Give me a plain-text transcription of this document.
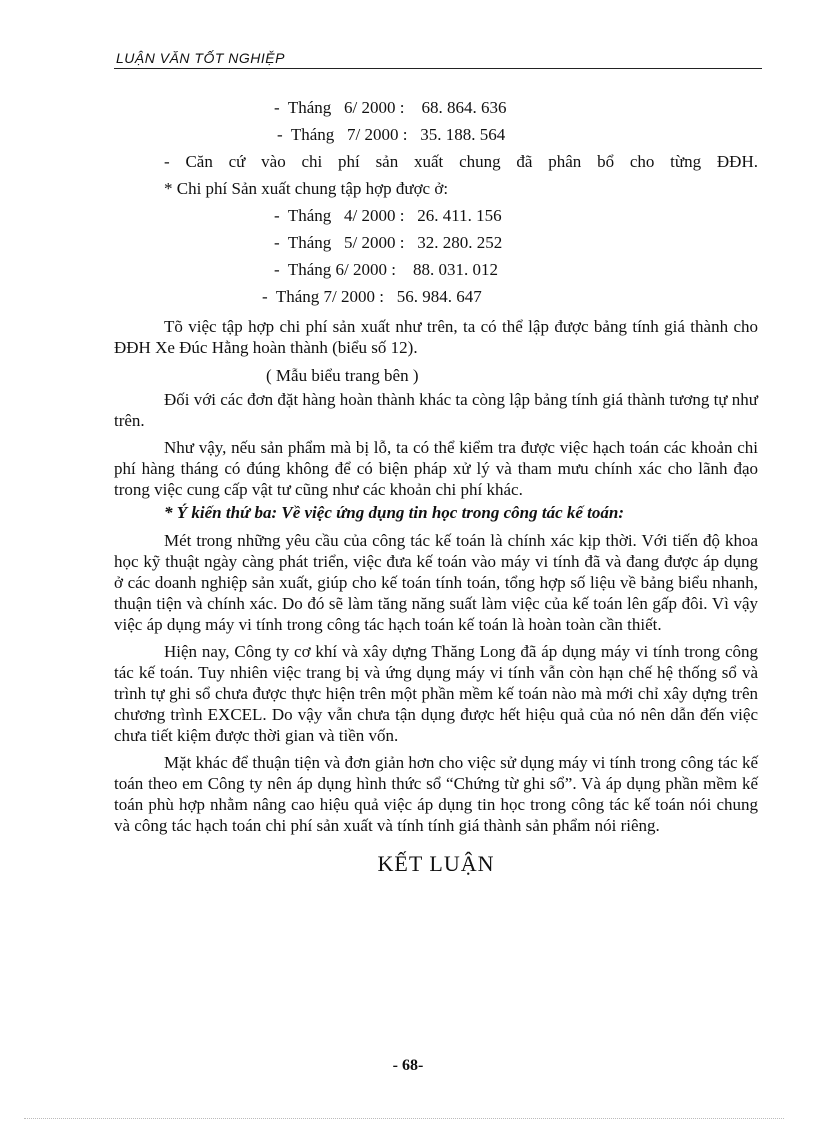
LUẬN VĂN TỐT NGHIỆP
-  Tháng   6/ 2000 :    68. 864. 636
-  Tháng   7/ 2000 :   35. 188. 564
- Căn cứ vào chi phí sản xuất chung đã phân bổ cho từng ĐĐH.
* Chi phí Sản xuất chung tập hợp được ở:
-  Tháng   4/ 2000 :   26. 411. 156
-  Tháng   5/ 2000 :   32. 280. 252
-  Tháng 6/ 2000 :    88. 031. 012
-  Tháng 7/ 2000 :   56. 984. 647

Tõ việc tập hợp chi phí sản xuất như trên, ta có thể lập được bảng tính giá thành cho ĐĐH Xe Đúc Hằng hoàn thành (biểu số 12).

( Mẫu biểu trang bên )

Đối với các đơn đặt hàng hoàn thành khác ta còng lập bảng tính giá thành tương tự như trên.

Như vậy, nếu sản phẩm mà bị lỗ, ta có thể kiểm tra được việc hạch toán các khoản chi phí hàng tháng có đúng không để có biện pháp xử lý và tham mưu chính xác cho lãnh đạo trong việc cung cấp vật tư cũng như các khoản chi phí khác.

* Ý kiến thứ ba: Về việc ứng dụng tin học trong công tác kế toán:

Mét trong những yêu cầu của công tác kế toán là chính xác kịp thời. Với tiến độ khoa học kỹ thuật ngày càng phát triển, việc đưa kế toán vào máy vi tính đã và đang được áp dụng ở các doanh nghiệp sản xuất, giúp cho kế toán tính toán, tổng hợp số liệu về bảng biểu nhanh, thuận tiện và chính xác. Do đó sẽ làm tăng năng suất làm việc của kế toán lên gấp đôi. Vì vậy việc áp dụng máy vi tính trong công tác hạch toán kế toán là hoàn toàn cần thiết.

Hiện nay, Công ty cơ khí và xây dựng Thăng Long đã áp dụng máy vi tính trong công tác kế toán. Tuy nhiên việc trang bị và ứng dụng máy vi tính vẫn còn hạn chế hệ thống sổ và trình tự ghi sổ chưa được thực hiện trên một phần mềm kế toán nào mà mới chỉ xây dựng trên chương trình EXCEL. Do vậy vẫn chưa tận dụng được hết hiệu quả của nó nên dẫn đến việc chưa tiết kiệm được thời gian và tiền vốn.

Mặt khác để thuận tiện và đơn giản hơn cho việc sử dụng máy vi tính trong công tác kế toán theo em Công ty nên áp dụng hình thức sổ “Chứng từ ghi sổ”. Và áp dụng phần mềm kế toán phù hợp nhằm nâng cao hiệu quả việc áp dụng tin học trong công tác kế toán nói chung và công tác hạch toán chi phí sản xuất và tính tính giá thành sản phẩm nói riêng.

KẾT LUẬN
- 68-
